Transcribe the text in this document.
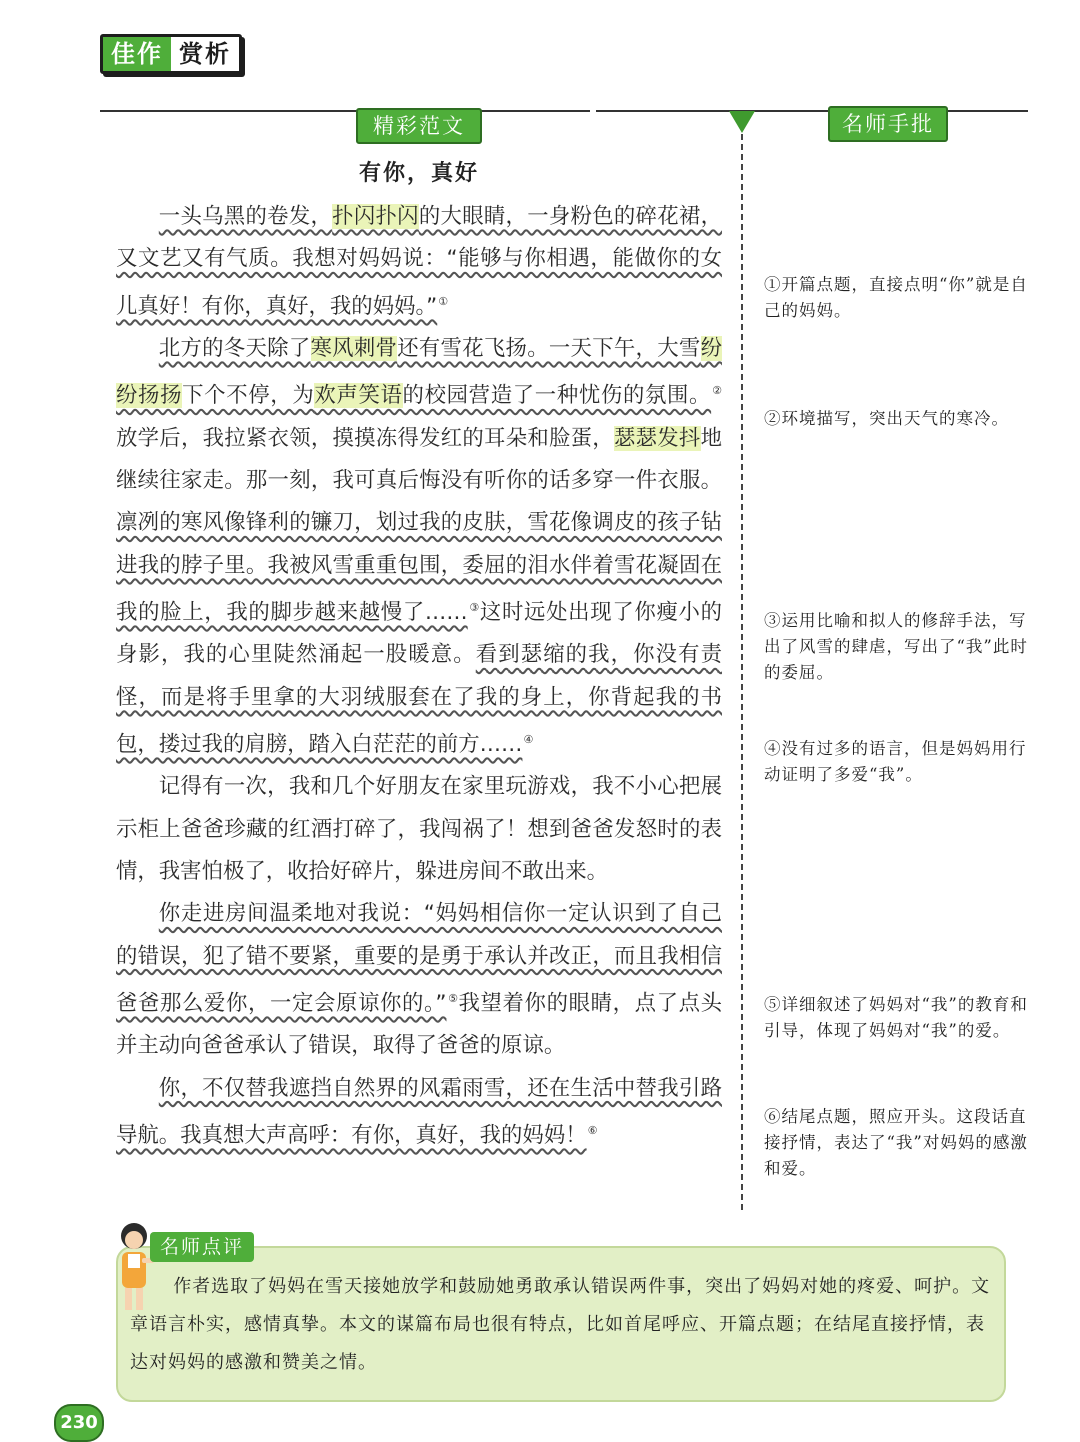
佳作 赏析
精彩范文	名师手批
有你，真好

一头乌黑的卷发，扑闪扑闪的大眼睛，一身粉色的碎花裙，又文艺又有气质。我想对妈妈说：“能够与你相遇，能做你的女儿真好！有你，真好，我的妈妈。”①

北方的冬天除了寒风刺骨还有雪花飞扬。一天下午，大雪纷纷扬扬下个不停，为欢声笑语的校园营造了一种忧伤的氛围。②放学后，我拉紧衣领，摸摸冻得发红的耳朵和脸蛋，瑟瑟发抖地继续往家走。那一刻，我可真后悔没有听你的话多穿一件衣服。凛冽的寒风像锋利的镰刀，划过我的皮肤，雪花像调皮的孩子钻进我的脖子里。我被风雪重重包围，委屈的泪水伴着雪花凝固在我的脸上，我的脚步越来越慢了……③这时远处出现了你瘦小的身影，我的心里陡然涌起一股暖意。看到瑟缩的我，你没有责怪，而是将手里拿的大羽绒服套在了我的身上，你背起我的书包，搂过我的肩膀，踏入白茫茫的前方……④

记得有一次，我和几个好朋友在家里玩游戏，我不小心把展示柜上爸爸珍藏的红酒打碎了，我闯祸了！想到爸爸发怒时的表情，我害怕极了，收拾好碎片，躲进房间不敢出来。

你走进房间温柔地对我说：“妈妈相信你一定认识到了自己的错误，犯了错不要紧，重要的是勇于承认并改正，而且我相信爸爸那么爱你，一定会原谅你的。”⑤我望着你的眼睛，点了点头并主动向爸爸承认了错误，取得了爸爸的原谅。

你，不仅替我遮挡自然界的风霜雨雪，还在生活中替我引路导航。我真想大声高呼：有你，真好，我的妈妈！⑥

①开篇点题，直接点明“你”就是自己的妈妈。
②环境描写，突出天气的寒冷。
③运用比喻和拟人的修辞手法，写出了风雪的肆虐，写出了“我”此时的委屈。
④没有过多的语言，但是妈妈用行动证明了多爱“我”。
⑤详细叙述了妈妈对“我”的教育和引导，体现了妈妈对“我”的爱。
⑥结尾点题，照应开头。这段话直接抒情，表达了“我”对妈妈的感激和爱。
名师点评
作者选取了妈妈在雪天接她放学和鼓励她勇敢承认错误两件事，突出了妈妈对她的疼爱、呵护。文章语言朴实，感情真挚。本文的谋篇布局也很有特点，比如首尾呼应、开篇点题；在结尾直接抒情，表达对妈妈的感激和赞美之情。
230
